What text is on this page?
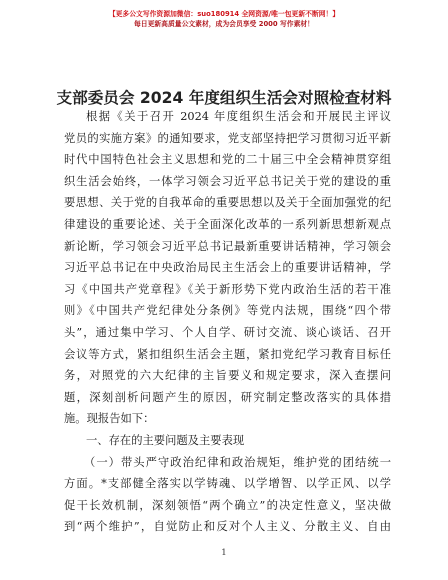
【更多公文写作资源加微信：suo180914 全网资源/唯一包更新不断网！】
每日更新高质量公文素材，成为会员享受 2000 写作素材！
支部委员会 2024 年度组织生活会对照检查材料
根据《关于召开 2024 年度组织生活会和开展民主评议
党员的实施方案》的通知要求，党支部坚持把学习贯彻习近平新
时代中国特色社会主义思想和党的二十届三中全会精神贯穿组
织生活会始终，一体学习领会习近平总书记关于党的建设的重
要思想、关于党的自我革命的重要思想以及关于全面加强党的纪
律建设的重要论述、关于全面深化改革的一系列新思想新观点
新论断，学习领会习近平总书记最新重要讲话精神，学习领会
习近平总书记在中央政治局民主生活会上的重要讲话精神，学
习《中国共产党章程》《关于新形势下党内政治生活的若干准
则》《中国共产党纪律处分条例》等党内法规，围绕“四个带
头”，通过集中学习、个人自学、研讨交流、谈心谈话、召开
会议等方式，紧扣组织生活会主题，紧扣党纪学习教育目标任
务，对照党的六大纪律的主旨要义和规定要求，深入查摆问
题，深刻剖析问题产生的原因，研究制定整改落实的具体措
施。现报告如下：
一、存在的主要问题及主要表现
（一）带头严守政治纪律和政治规矩，维护党的团结统一
方面。*支部健全落实以学铸魂、以学增智、以学正风、以学
促干长效机制，深刻领悟“两个确立”的决定性意义，坚决做
到“两个维护”，自觉防止和反对个人主义、分散主义、自由
1
